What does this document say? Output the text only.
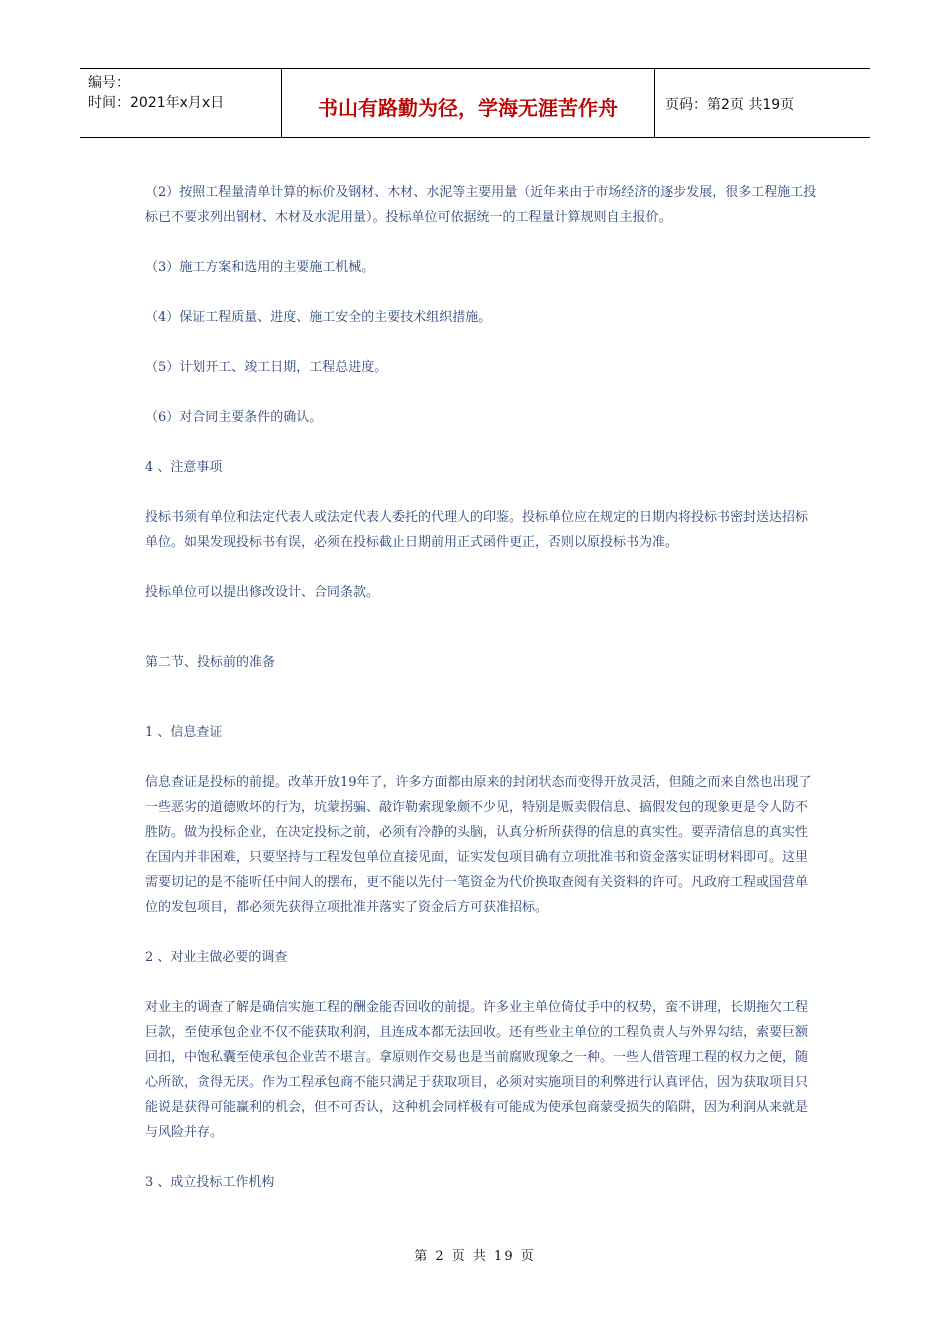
编号：
时间：2021年x月x日	书山有路勤为径，学海无涯苦作舟	页码：第2页 共19页

（2）按照工程量清单计算的标价及钢材、木材、水泥等主要用量（近年来由于市场经济的逐步发展，很多工程施工投标已不要求列出钢材、木材及水泥用量）。投标单位可依据统一的工程量计算规则自主报价。

（3）施工方案和选用的主要施工机械。

（4）保证工程质量、进度、施工安全的主要技术组织措施。

（5）计划开工、竣工日期，工程总进度。

（6）对合同主要条件的确认。

4 、注意事项

投标书须有单位和法定代表人或法定代表人委托的代理人的印鉴。投标单位应在规定的日期内将投标书密封送达招标单位。如果发现投标书有误，必须在投标截止日期前用正式函件更正，否则以原投标书为准。

投标单位可以提出修改设计、合同条款。

第二节、投标前的准备

1 、信息查证

信息查证是投标的前提。改革开放19年了，许多方面都由原来的封闭状态而变得开放灵活，但随之而来自然也出现了一些恶劣的道德败坏的行为，坑蒙拐骗、敲诈勒索现象颇不少见，特别是贩卖假信息、搞假发包的现象更是令人防不胜防。做为投标企业，在决定投标之前，必须有冷静的头脑，认真分析所获得的信息的真实性。要弄清信息的真实性在国内并非困难，只要坚持与工程发包单位直接见面，证实发包项目确有立项批准书和资金落实证明材料即可。这里需要切记的是不能听任中间人的摆布，更不能以先付一笔资金为代价换取查阅有关资料的许可。凡政府工程或国营单位的发包项目，都必须先获得立项批准并落实了资金后方可获准招标。

2 、对业主做必要的调查

对业主的调查了解是确信实施工程的酬金能否回收的前提。许多业主单位倚仗手中的权势，蛮不讲理，长期拖欠工程巨款，至使承包企业不仅不能获取利润，且连成本都无法回收。还有些业主单位的工程负责人与外界勾结，索要巨额回扣，中饱私囊至使承包企业苦不堪言。拿原则作交易也是当前腐败现象之一种。一些人借管理工程的权力之便，随心所欲，贪得无厌。作为工程承包商不能只满足于获取项目，必须对实施项目的利弊进行认真评估，因为获取项目只能说是获得可能赢利的机会，但不可否认，这种机会同样极有可能成为使承包商蒙受损失的陷阱，因为利润从来就是与风险并存。

3 、成立投标工作机构

第 2 页 共 19 页
